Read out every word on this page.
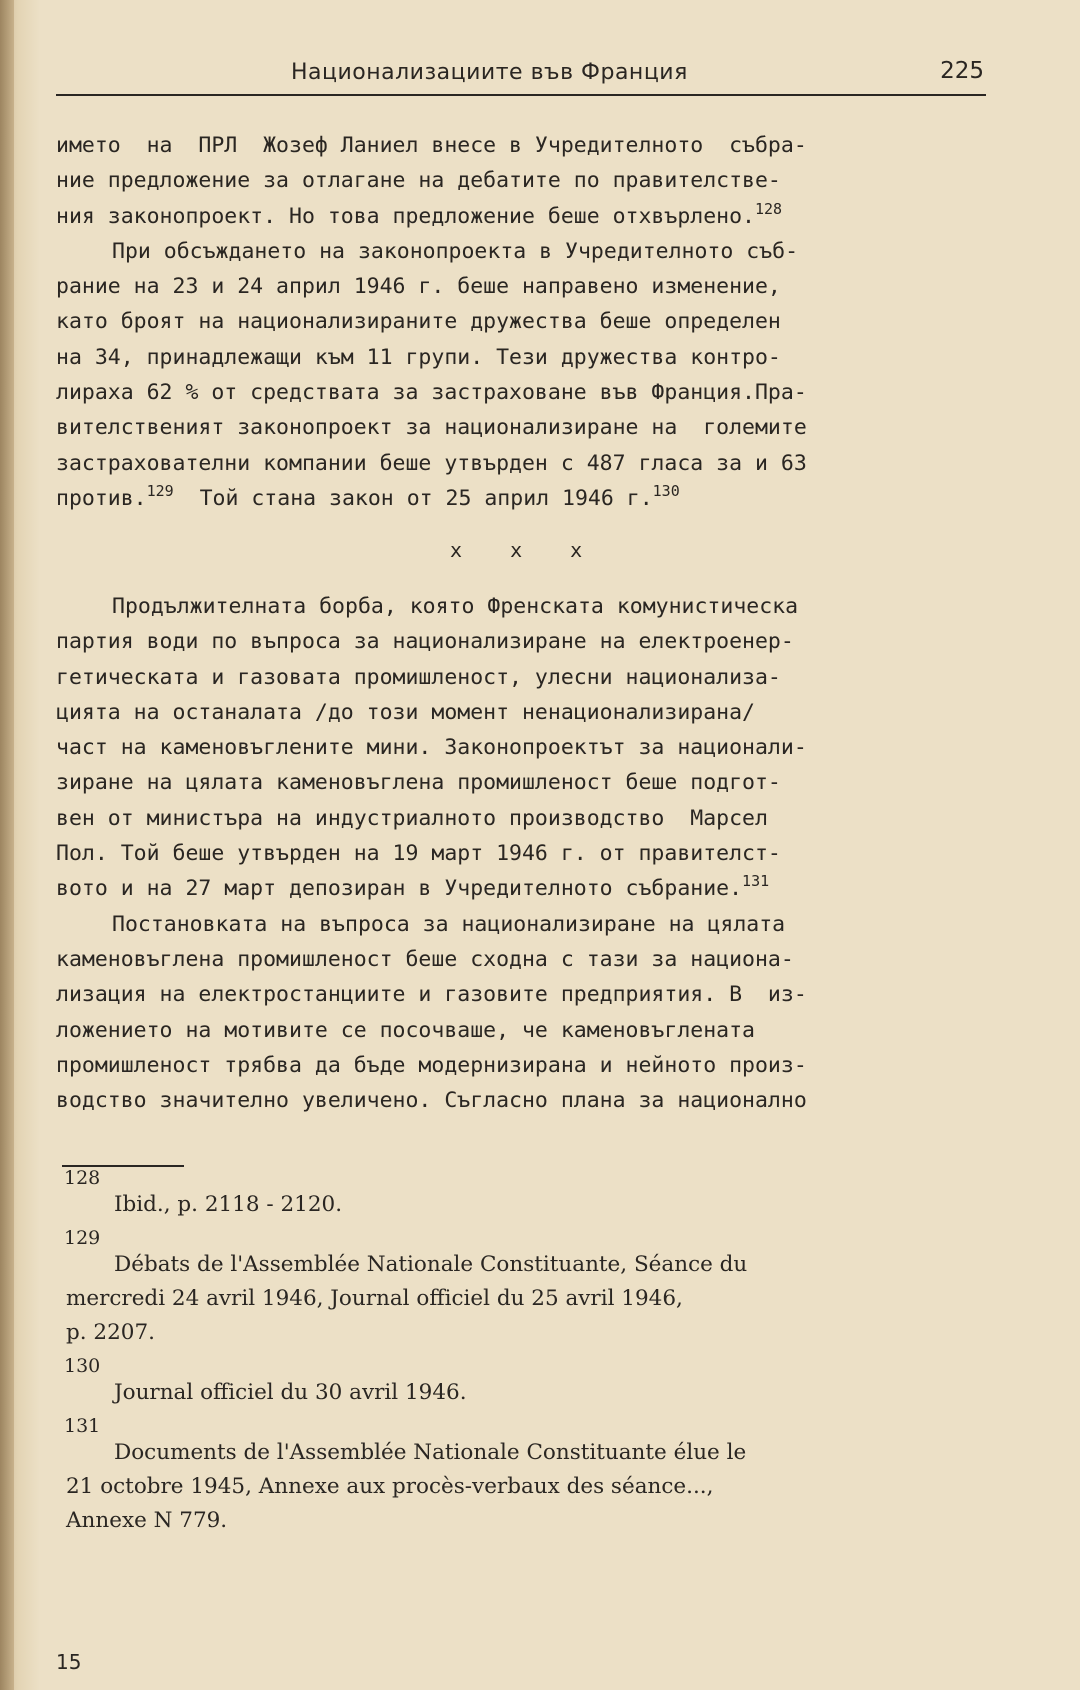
Национализациите във Франция	225
името  на  ПРЛ  Жозеф Ланиел внесе в Учредителното  събра-
ние предложение за отлагане на дебатите по правителстве-
ния законопроект. Но това предложение беше отхвърлено.$^{128}$
При обсъждането на законопроекта в Учредителното съб-
рание на 23 и 24 април 1946 г. беше направено изменение,
като броят на национализираните дружества беше определен
на 34, принадлежащи към 11 групи. Тези дружества контро-
лираха 62 % от средствата за застраховане във Франция.Пра-
вителственият законопроект за национализиране на  големите
застрахователни компании беше утвърден с 487 гласа за и 63
против.$^{129}$  Той стана закон от 25 април 1946 г.$^{130}$
x x x
Продължителната борба, която Френската комунистическа
партия води по въпроса за национализиране на електроенер-
гетическата и газовата промишленост, улесни национализа-
цията на останалата /до този момент ненационализирана/
част на каменовъглените мини. Законопроектът за национали-
зиране на цялата каменовъглена промишленост беше подгот-
вен от министъра на индустриалното производство  Марсел
Пол. Той беше утвърден на 19 март 1946 г. от правителст-
вото и на 27 март депозиран в Учредителното събрание.$^{131}$
Постановката на въпроса за национализиране на цялата
каменовъглена промишленост беше сходна с тази за национа-
лизация на електростанциите и газовите предприятия. В  из-
ложението на мотивите се посочваше, че каменовъглената
промишленост трябва да бъде модернизирана и нейното произ-
водство значително увеличено. Съгласно плана за национално
128
Ibid., p. 2118 - 2120.
129
Débats de l'Assemblée Nationale Constituante, Séance du
mercredi 24 avril 1946, Journal officiel du 25 avril 1946,
p. 2207.
130
Journal officiel du 30 avril 1946.
131
Documents de l'Assemblée Nationale Constituante élue le
21 octobre 1945, Annexe aux procès-verbaux des séance...,
Annexe N 779.
15
